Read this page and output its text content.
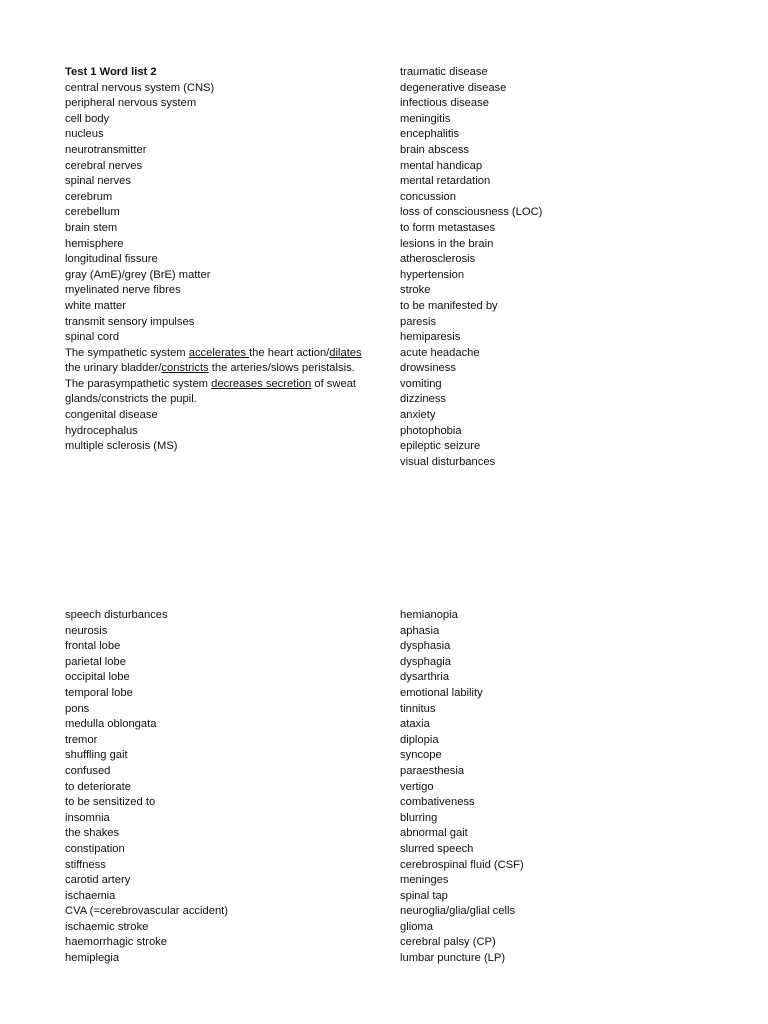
Test 1 Word list 2
central nervous system (CNS)
peripheral nervous system
cell body
nucleus
neurotransmitter
cerebral nerves
spinal nerves
cerebrum
cerebellum
brain stem
hemisphere
longitudinal fissure
gray (AmE)/grey (BrE) matter
myelinated nerve fibres
white matter
transmit sensory impulses
spinal cord
The sympathetic system accelerates the heart action/dilates the urinary bladder/constricts the arteries/slows peristalsis.
The parasympathetic system decreases secretion of sweat glands/constricts the pupil.
congenital disease
hydrocephalus
multiple sclerosis (MS)
traumatic disease
degenerative disease
infectious disease
meningitis
encephalitis
brain abscess
mental handicap
mental retardation
concussion
loss of consciousness (LOC)
to form metastases
lesions in the brain
atherosclerosis
hypertension
stroke
to be manifested by
paresis
hemiparesis
acute headache
drowsiness
vomiting
dizziness
anxiety
photophobia
epileptic seizure
visual disturbances
speech disturbances
neurosis
frontal lobe
parietal lobe
occipital lobe
temporal lobe
pons
medulla oblongata
tremor
shuffling gait
confused
to deteriorate
to be sensitized to
insomnia
the shakes
constipation
stiffness
carotid artery
ischaemia
CVA (=cerebrovascular accident)
ischaemic stroke
haemorrhagic stroke
hemiplegia
hemianopia
aphasia
dysphasia
dysphagia
dysarthria
emotional lability
tinnitus
ataxia
diplopia
syncope
paraesthesia
vertigo
combativeness
blurring
abnormal gait
slurred speech
cerebrospinal fluid (CSF)
meninges
spinal tap
neuroglia/glia/glial cells
glioma
cerebral palsy (CP)
lumbar puncture (LP)
